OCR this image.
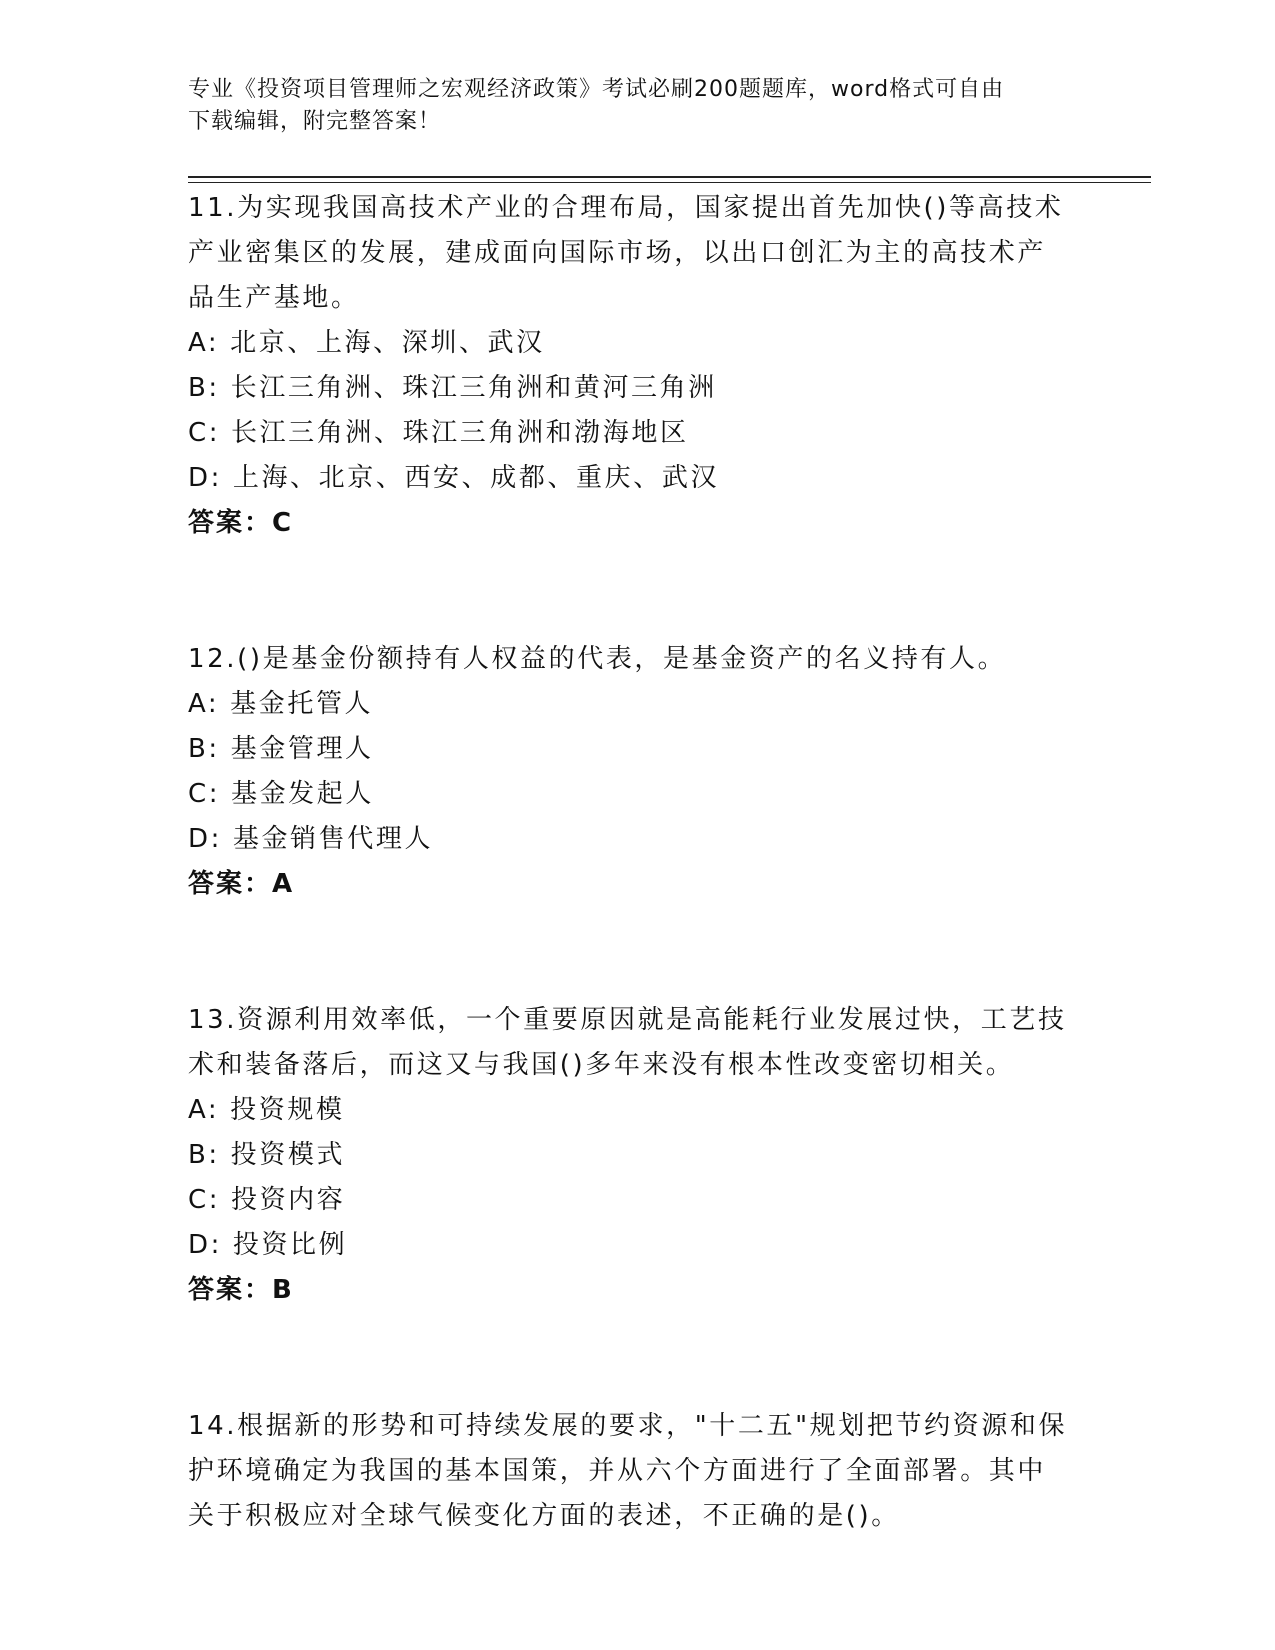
专业《投资项目管理师之宏观经济政策》考试必刷200题题库，word格式可自由
下载编辑，附完整答案！

11.为实现我国高技术产业的合理布局，国家提出首先加快()等高技术

产业密集区的发展，建成面向国际市场，以出口创汇为主的高技术产

品生产基地。

A: 北京、上海、深圳、武汉

B: 长江三角洲、珠江三角洲和黄河三角洲

C: 长江三角洲、珠江三角洲和渤海地区

D: 上海、北京、西安、成都、重庆、武汉

答案：C

12.()是基金份额持有人权益的代表，是基金资产的名义持有人。

A: 基金托管人

B: 基金管理人

C: 基金发起人

D: 基金销售代理人

答案：A

13.资源利用效率低，一个重要原因就是高能耗行业发展过快，工艺技

术和装备落后，而这又与我国()多年来没有根本性改变密切相关。

A: 投资规模

B: 投资模式

C: 投资内容

D: 投资比例

答案：B

14.根据新的形势和可持续发展的要求，"十二五"规划把节约资源和保

护环境确定为我国的基本国策，并从六个方面进行了全面部署。其中

关于积极应对全球气候变化方面的表述，不正确的是()。
